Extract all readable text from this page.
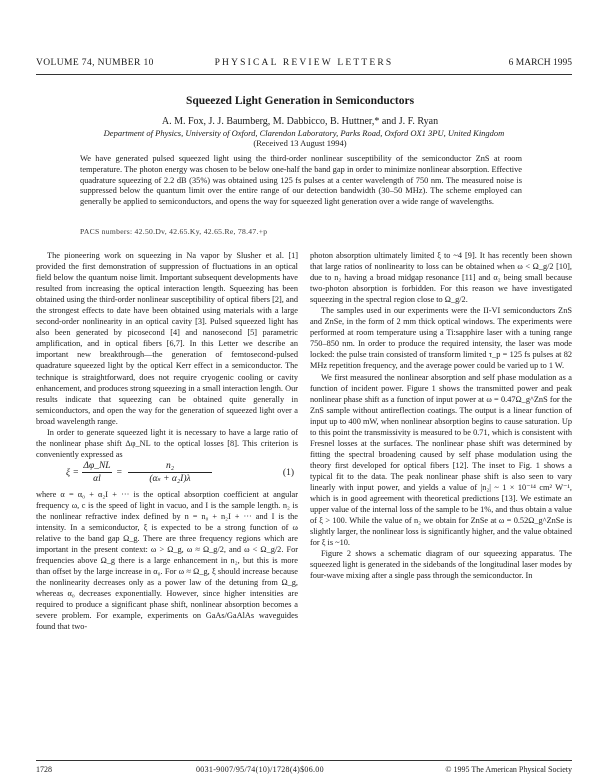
VOLUME 74, NUMBER 10	PHYSICAL REVIEW LETTERS	6 MARCH 1995
Squeezed Light Generation in Semiconductors
A. M. Fox, J. J. Baumberg, M. Dabbicco, B. Huttner,* and J. F. Ryan
Department of Physics, University of Oxford, Clarendon Laboratory, Parks Road, Oxford OX1 3PU, United Kingdom
(Received 13 August 1994)
We have generated pulsed squeezed light using the third-order nonlinear susceptibility of the semiconductor ZnS at room temperature. The photon energy was chosen to be below one-half the band gap in order to minimize nonlinear absorption. Effective quadrature squeezing of 2.2 dB (35%) was obtained using 125 fs pulses at a center wavelength of 750 nm. The measured noise is suppressed below the quantum limit over the entire range of our detection bandwidth (30–50 MHz). The scheme employed can generally be applied to semiconductors, and opens the way for squeezed light generation over a wide range of wavelengths.
PACS numbers: 42.50.Dv, 42.65.Ky, 42.65.Re, 78.47.+p

The pioneering work on squeezing in Na vapor by Slusher et al. [1] provided the first demonstration of suppression of fluctuations in an optical field below the quantum noise limit. Important subsequent developments have resulted from increasing the optical interaction length. Squeezing has been obtained using the third-order nonlinear susceptibility of optical fibers [2], and the strongest effects to date have been obtained using materials with a large second-order nonlinearity in an optical cavity [3]. Pulsed squeezed light has also been generated by picosecond [4] and nanosecond [5] parametric amplification, and in optical fibers [6,7]. In this Letter we describe an important new breakthrough—the generation of femtosecond-pulsed quadrature squeezed light by the optical Kerr effect in a semiconductor. The technique is straightforward, does not require cryogenic cooling or cavity enhancement, and produces strong squeezing in a small interaction length. Our results indicate that squeezing can be obtained quite generally in semiconductors, and open the way for the generation of squeezed light over a broad wavelength range.

In order to generate squeezed light it is necessary to have a large ratio of the nonlinear phase shift Δφ_NL to the optical losses [8]. This criterion is conveniently expressed as

$\xi = \frac{\Delta\varphi\_NL}{\alpha l} = \frac{\text{n₂}}{\text{(αₛ + α₂I)λ}}$	(1)

where α = α₀ + α₂I + ··· is the optical absorption coefficient at angular frequency ω, c is the speed of light in vacuo, and I is the sample length. n₂ is the nonlinear refractive index defined by n = n₀ + n₂I + ··· and I is the intensity. In a semiconductor, ξ is expected to be a strong function of ω relative to the band gap Ω_g. There are three frequency regions which are important in the present context: ω > Ω_g, ω ≈ Ω_g/2, and ω < Ω_g/2. For frequencies above Ω_g there is a large enhancement in n₂, but this is more than offset by the large increase in α₀. For ω ≈ Ω_g, ξ should increase because the nonlinearity decreases only as a power law of the detuning from Ω_g, whereas α₀ decreases exponentially. However, since higher intensities are required to produce a significant phase shift, nonlinear absorption becomes a severe problem. For example, experiments on GaAs/GaAlAs waveguides found that two-

photon absorption ultimately limited ξ to ~4 [9]. It has recently been shown that large ratios of nonlinearity to loss can be obtained when ω < Ω_g/2 [10], due to n₂ having a broad midgap resonance [11] and α₂ being small because two-photon absorption is forbidden. For this reason we have investigated squeezing in the spectral region close to Ω_g/2.

The samples used in our experiments were the II-VI semiconductors ZnS and ZnSe, in the form of 2 mm thick optical windows. The experiments were performed at room temperature using a Ti:sapphire laser with a tuning range 750–850 nm. In order to produce the required intensity, the laser was mode locked: the pulse train consisted of transform limited τ_p = 125 fs pulses at 82 MHz repetition frequency, and the average power could be varied up to 1 W.

We first measured the nonlinear absorption and self phase modulation as a function of incident power. Figure 1 shows the transmitted power and peak nonlinear phase shift as a function of input power at ω = 0.47Ω_g^ZnS for the ZnS sample without antireflection coatings. The output is a linear function of input up to 400 mW, when nonlinear absorption begins to cause saturation. Up to this point the transmissivity is measured to be 0.71, which is consistent with Fresnel losses at the surfaces. The nonlinear phase shift was determined by fitting the spectral broadening caused by self phase modulation using the theory first developed for optical fibers [12]. The inset to Fig. 1 shows a typical fit to the data. The peak nonlinear phase shift is also seen to vary linearly with input power, and yields a value of |n₂| ~ 1 × 10⁻¹⁴ cm² W⁻¹, which is in good agreement with theoretical predictions [13]. We estimate an upper value of the internal loss of the sample to be 1%, and thus obtain a value of ξ > 100. While the value of n₂ we obtain for ZnSe at ω = 0.52Ω_g^ZnSe is slightly larger, the nonlinear loss is significantly higher, and the value obtained for ξ is ~10.

Figure 2 shows a schematic diagram of our squeezing apparatus. The squeezed light is generated in the sidebands of the longitudinal laser modes by four-wave mixing after a single pass through the semiconductor. In

1728	0031-9007/95/74(10)/1728(4)$06.00	© 1995 The American Physical Society
